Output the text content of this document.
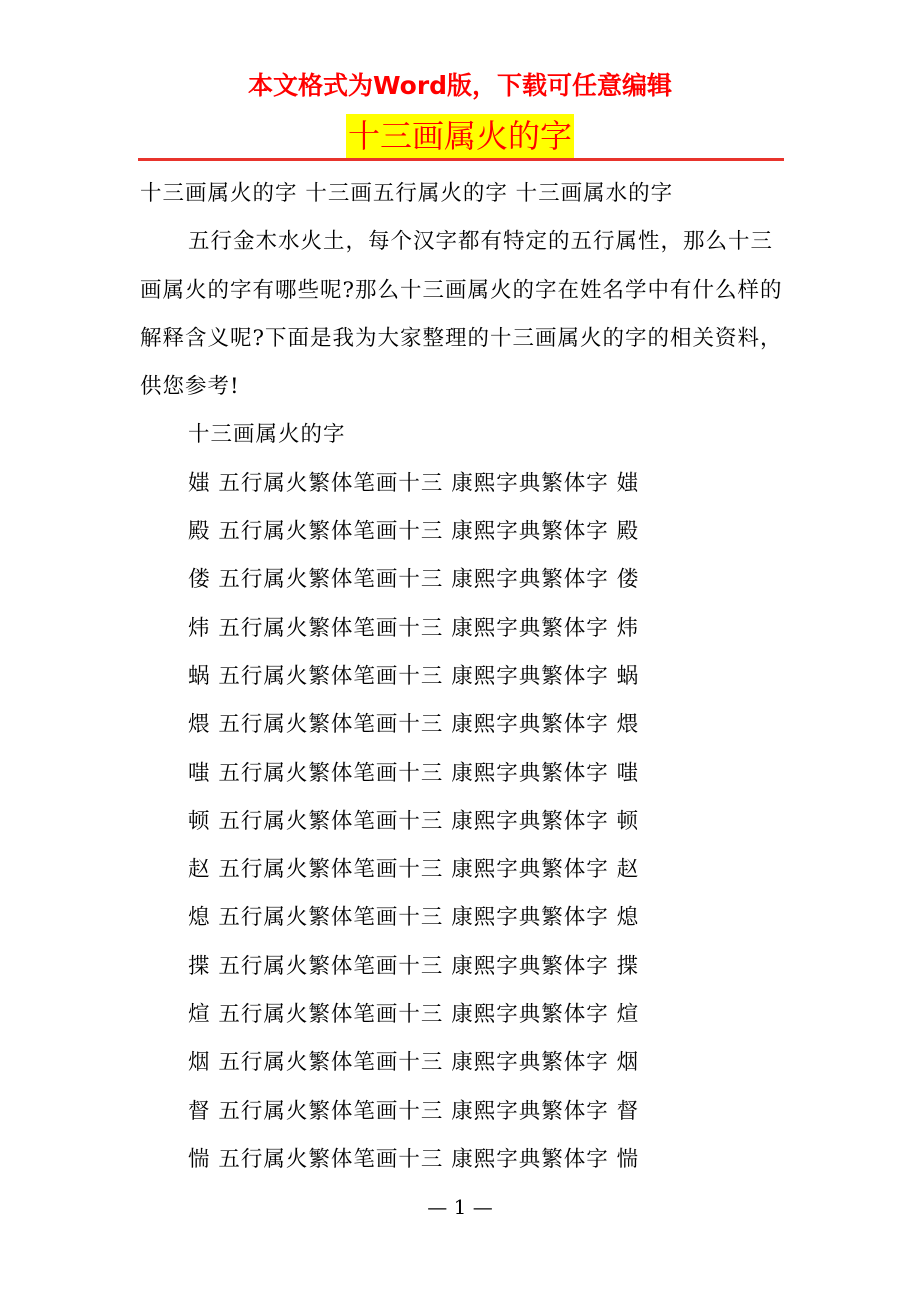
本文格式为Word版，下载可任意编辑
十三画属火的字

十三画属火的字 十三画五行属火的字 十三画属水的字

五行金木水火土，每个汉字都有特定的五行属性，那么十三画属火的字有哪些呢?那么十三画属火的字在姓名学中有什么样的解释含义呢?下面是我为大家整理的十三画属火的字的相关资料，供您参考!

十三画属火的字

媸 五行属火繁体笔画十三 康熙字典繁体字 媸

殿 五行属火繁体笔画十三 康熙字典繁体字 殿

偻 五行属火繁体笔画十三 康熙字典繁体字 偻

炜 五行属火繁体笔画十三 康熙字典繁体字 炜

蜗 五行属火繁体笔画十三 康熙字典繁体字 蜗

煨 五行属火繁体笔画十三 康熙字典繁体字 煨

嗤 五行属火繁体笔画十三 康熙字典繁体字 嗤

顿 五行属火繁体笔画十三 康熙字典繁体字 顿

赵 五行属火繁体笔画十三 康熙字典繁体字 赵

熄 五行属火繁体笔画十三 康熙字典繁体字 熄

揲 五行属火繁体笔画十三 康熙字典繁体字 揲

煊 五行属火繁体笔画十三 康熙字典繁体字 煊

烟 五行属火繁体笔画十三 康熙字典繁体字 烟

督 五行属火繁体笔画十三 康熙字典繁体字 督

惴 五行属火繁体笔画十三 康熙字典繁体字 惴

— 1 —
